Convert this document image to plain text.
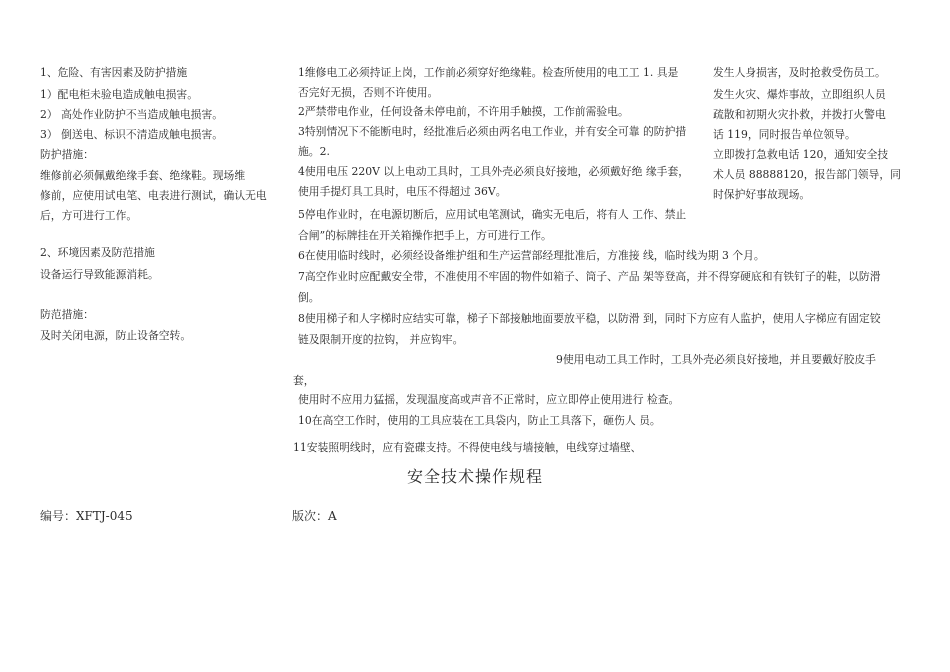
1、危险、有害因素及防护措施
1）配电柜未验电造成触电损害。
2） 高处作业防护不当造成触电损害。
3） 倒送电、标识不清造成触电损害。
防护措施：
维修前必须佩戴绝缘手套、绝缘鞋。现场维
修前，应使用试电笔、电表进行测试，确认无电
后，方可进行工作。
2、环境因素及防范措施
设备运行导致能源消耗。
防范措施：
及时关闭电源，防止设备空转。
1维修电工必须持证上岗，工作前必须穿好绝缘鞋。检查所使用的电工工 1. 具是
否完好无损，否则不许使用。
2严禁带电作业，任何设备未停电前，不许用手触摸，工作前需验电。
3特别情况下不能断电时，经批准后必须由两名电工作业，并有安全可靠 的防护措
施。2.
4使用电压 220V 以上电动工具时，工具外壳必须良好接地，必须戴好绝 缘手套，
使用手提灯具工具时，电压不得超过 36V。
5停电作业时，在电源切断后，应用试电笔测试，确实无电后，将有人 工作、禁止
合闸”的标牌挂在开关箱操作把手上，方可进行工作。
6在使用临时线时，必须经设备维护组和生产运营部经理批准后，方准接 线，临时线为期 3 个月。
7高空作业时应配戴安全带，不准使用不牢固的物件如箱子、筒子、产品 架等登高，并不得穿硬底和有铁钉子的鞋，以防滑
倒。
8使用梯子和人字梯时应结实可靠，梯子下部接触地面要放平稳，以防滑 到，同时下方应有人监护，使用人字梯应有固定铰
链及限制开度的拉钩， 并应钩牢。
9使用电动工具工作时，工具外壳必须良好接地，并且要戴好胶皮手
套，
使用时不应用力猛摇，发现温度高或声音不正常时，应立即停止使用进行 检查。
10在高空工作时，使用的工具应装在工具袋内，防止工具落下，砸伤人 员。
11安装照明线时，应有瓷碟支持。不得使电线与墙接触，电线穿过墙壁、
发生人身损害，及时抢救受伤员工。
发生火灾、爆炸事故，立即组织人员
疏散和初期火灾扑救，并拨打火警电
话 119，同时报告单位领导。
立即拨打急救电话 120，通知安全技
术人员 88888120，报告部门领导，同
时保护好事故现场。
安全技术操作规程
编号：XFTJ-045	版次：A
